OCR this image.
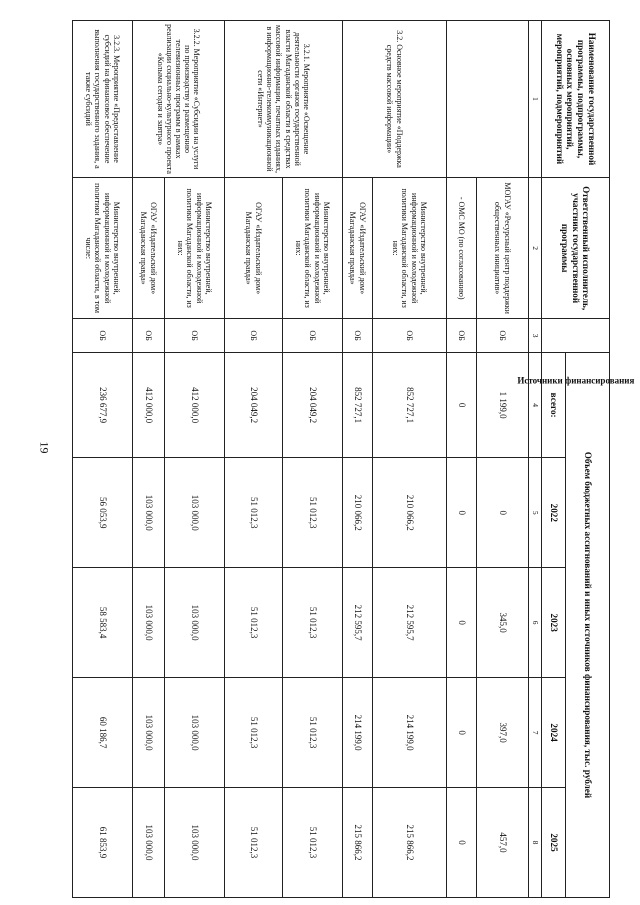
19
Наименование государственной программы, подпрограммы, основных мероприятий, мероприятий, подмероприятий	Ответственный исполнитель, участник государственной программы	Источники финансирования	Объем бюджетных ассигнований и иных источников финансирования, тыс. рублей				
			всего:	2022	2023	2024	2025
1	2	3	4	5	6	7	8
	МОГАУ «Ресурсный центр поддержки общественных инициатив»	ОБ	1 199,0	0	345,0	397,0	457,0
	- ОМС МО (по согласованию)	ОБ	0	0	0	0	0
3.2. Основное мероприятие «Поддержка средств массовой информации»	Министерство внутренней, информационной и молодежной политики Магаданской области, из них:	ОБ	852 727,1	210 066,2	212 595,7	214 199,0	215 866,2
	ОГАУ «Издательский дом» Магаданская правда»	ОБ	852 727,1	210 066,2	212 595,7	214 199,0	215 866,2
3.2.1. Мероприятие «Освещение деятельности органов государственной власти Магаданской области в средствах массовой информации, печатных изданиях, в информационно-телекоммуникационной сети «Интернет»	Министерство внутренней, информационной и молодежной политики Магаданской области, из них:	ОБ	204 049,2	51 012,3	51 012,3	51 012,3	51 012,3
	ОГАУ «Издательский дом» Магаданская правда»	ОБ	204 049,2	51 012,3	51 012,3	51 012,3	51 012,3
3.2.2. Мероприятие «Субсидии на услуги по производству и размещению телевизионных программ в рамках реализации социально-культурного проекта «Колыма сегодня и завтра»	Министерство внутренней, информационной и молодежной политики Магаданской области, из них:	ОБ	412 000,0	103 000,0	103 000,0	103 000,0	103 000,0
	ОГАУ «Издательский дом» Магаданская правда»	ОБ	412 000,0	103 000,0	103 000,0	103 000,0	103 000,0
3.2.3. Мероприятие «Предоставление субсидий на финансовое обеспечение выполнения государственного задания, а также субсидий	Министерство внутренней, информационной и молодежной политики Магаданской области, в том числе:	ОБ	236 677,9	56 053,9	58 583,4	60 186,7	61 853,9
